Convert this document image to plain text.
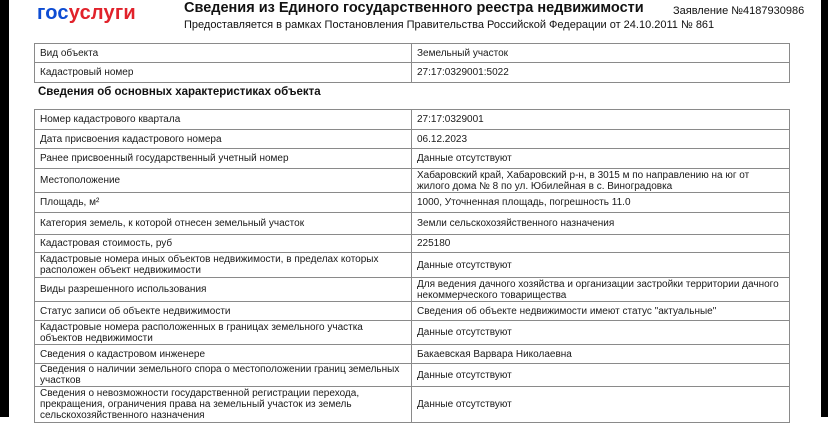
госуслуги	Сведения из Единого государственного реестра недвижимости
Предоставляется в рамках Постановления Правительства Российской Федерации от 24.10.2011 № 861
Заявление №4187930986
Вид объекта	Земельный участок
Кадастровый номер	27:17:0329001:5022
Сведения об основных характеристиках объекта
Номер кадастрового квартала	27:17:0329001
Дата присвоения кадастрового номера	06.12.2023
Ранее присвоенный государственный учетный номер	Данные отсутствуют
Местоположение	Хабаровский край, Хабаровский р-н, в 3015 м по направлению на юг от жилого дома № 8 по ул. Юбилейная в с. Виноградовка
Площадь, м²	1000, Уточненная площадь, погрешность 11.0
Категория земель, к которой отнесен земельный участок	Земли сельскохозяйственного назначения
Кадастровая стоимость, руб	225180
Кадастровые номера иных объектов недвижимости, в пределах которых расположен объект недвижимости	Данные отсутствуют
Виды разрешенного использования	Для ведения дачного хозяйства и организации застройки территории дачного некоммерческого товарищества
Статус записи об объекте недвижимости	Сведения об объекте недвижимости имеют статус "актуальные"
Кадастровые номера расположенных в границах земельного участка объектов недвижимости	Данные отсутствуют
Сведения о кадастровом инженере	Бакаевская Варвара Николаевна
Сведения о наличии земельного спора о местоположении границ земельных участков	Данные отсутствуют
Сведения о невозможности государственной регистрации перехода, прекращения, ограничения права на земельный участок из земель сельскохозяйственного назначения	Данные отсутствуют
